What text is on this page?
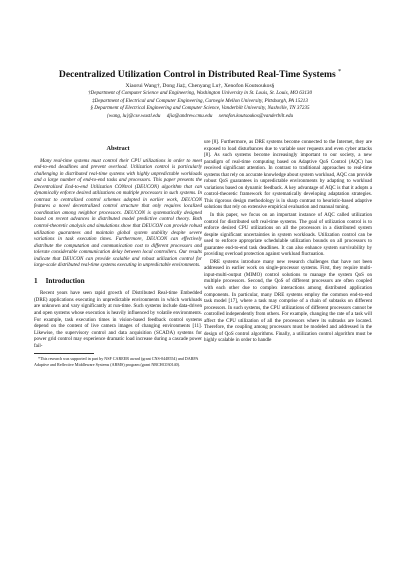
Decentralized Utilization Control in Distributed Real-Time Systems *
Xiaorui Wang†, Dong Jia‡, Chenyang Lu†, Xenofon Koutsoukos§
†Department of Computer Science and Engineering, Washington University in St. Louis, St. Louis, MO 63130
‡Department of Electrical and Computer Engineering, Carnegie Mellon University, Pittsburgh, PA 15213
§ Department of Electrical Engineering and Computer Science, Vanderbilt University, Nashville, TN 37235
{wang, lu}@cse.wustl.edu     djia@andrew.cmu.edu     xenofon.koutsoukos@vanderbilt.edu
Abstract

Many real-time systems must control their CPU utilizations in order to meet end-to-end deadlines and prevent overload. Utilization control is particularly challenging in distributed real-time systems with highly unpredictable workloads and a large number of end-to-end tasks and processors. This paper presents the Decentralized End-to-end Utilization CONtrol (DEUCON) algorithm that can dynamically enforce desired utilizations on multiple processors in such systems. In contrast to centralized control schemes adopted in earlier work, DEUCON features a novel decentralized control structure that only requires localized coordination among neighbor processors. DEUCON is systematically designed based on recent advances in distributed model predictive control theory. Both control-theoretic analysis and simulations show that DEUCON can provide robust utilization guarantees and maintain global system stability despite severe variations in task execution times. Furthermore, DEUCON can effectively distribute the computation and communication cost to different processors and tolerate considerable communication delay between local controllers. Our results indicate that DEUCON can provide scalable and robust utilization control for large-scale distributed real-time systems executing in unpredictable environments.

1 Introduction

Recent years have seen rapid growth of Distributed Real-time Embedded (DRE) applications executing in unpredictable environments in which workloads are unknown and vary significantly at run-time. Such systems include data-driven and open systems whose execution is heavily influenced by volatile environments. For example, task execution times in vision-based feedback control systems depend on the content of live camera images of changing environments [11]. Likewise, the supervisory control and data acquisition (SCADA) systems for power grid control may experience dramatic load increase during a cascade power fail-

*This research was supported in part by NSF CAREER award (grant CNS-0448554) and DARPA Adaptive and Reflective Middleware Systems (ARMS) program (grant NBCHC030140).

ure [8]. Furthermore, as DRE systems become connected to the Internet, they are exposed to load disturbances due to variable user requests and even cyber attacks [8]. As such systems become increasingly important to our society, a new paradigm of real-time computing based on Adaptive QoS Control (AQC) has received significant attention. In contrast to traditional approaches to real-time systems that rely on accurate knowledge about system workload, AQC can provide robust QoS guarantees in unpredictable environments by adapting to workload variations based on dynamic feedback. A key advantage of AQC is that it adopts a control-theoretic framework for systematically developing adaptation strategies. This rigorous design methodology is in sharp contrast to heuristic-based adaptive solutions that rely on extensive empirical evaluation and manual tuning.

In this paper, we focus on an important instance of AQC called utilization control for distributed soft real-time systems. The goal of utilization control is to enforce desired CPU utilizations on all the processors in a distributed system despite significant uncertainties in system workloads. Utilization control can be used to enforce appropriate schedulable utilization bounds on all processors to guarantee end-to-end task deadlines. It can also enhance system survivability by providing overload protection against workload fluctuation.

DRE systems introduce many new research challenges that have not been addressed in earlier work on single-processor systems. First, they require multi-input-multi-output (MIMO) control solutions to manage the system QoS on multiple processors. Second, the QoS of different processors are often coupled with each other due to complex interactions among distributed application components. In particular, many DRE systems employ the common end-to-end task model [17], where a task may comprise of a chain of subtasks on different processors. In such systems, the CPU utilizations of different processors cannot be controlled independently from others. For example, changing the rate of a task will affect the CPU utilization of all the processors where its subtasks are located. Therefore, the coupling among processors must be modeled and addressed in the design of QoS control algorithms. Finally, a utilization control algorithm must be highly scalable in order to handle
